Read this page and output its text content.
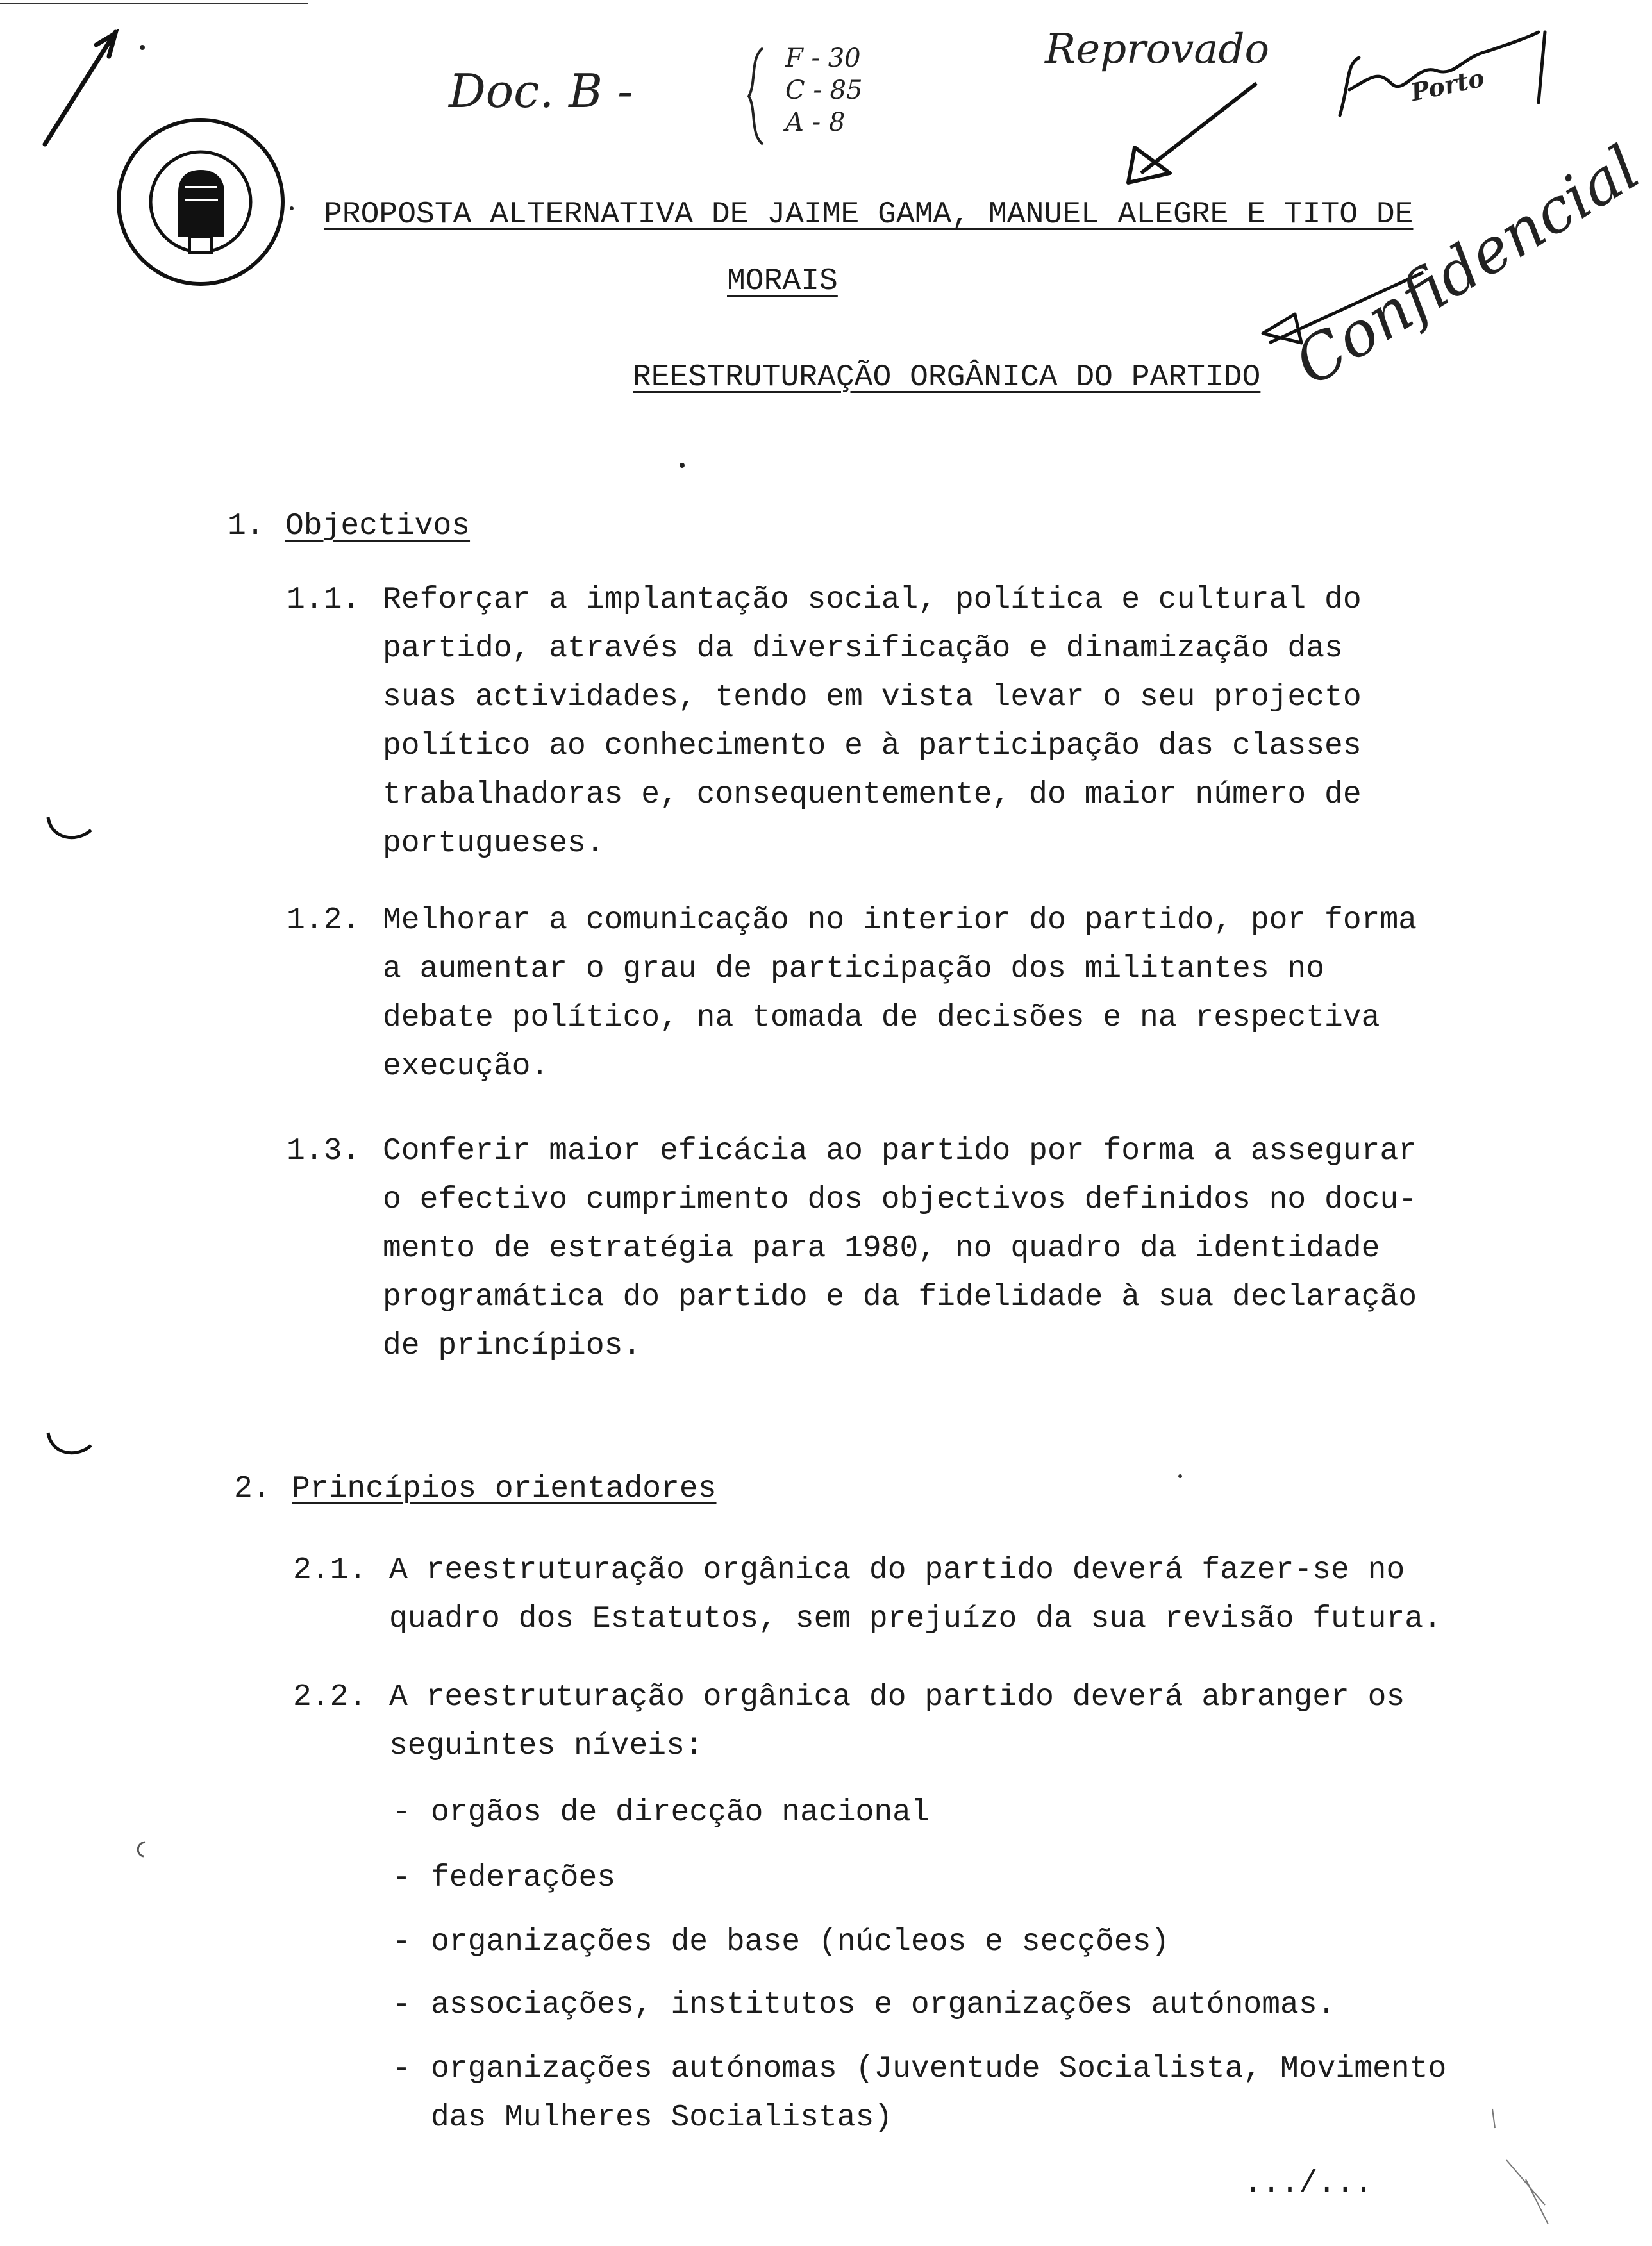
Doc. B -
F - 30
C - 85
A - 8
Reprovado
Porto
PROPOSTA ALTERNATIVA DE JAIME GAMA, MANUEL ALEGRE E TITO DE
MORAIS
REESTRUTURAÇÃO ORGÂNICA DO PARTIDO Confidencial
1. Objectivos
1.1. Reforçar a implantação social, política e cultural do
partido, através da diversificação e dinamização das
suas actividades, tendo em vista levar o seu projecto
político ao conhecimento e à participação das classes
trabalhadoras e, consequentemente, do maior número de
portugueses.
1.2. Melhorar a comunicação no interior do partido, por forma
a aumentar o grau de participação dos militantes no
debate político, na tomada de decisões e na respectiva
execução.
1.3. Conferir maior eficácia ao partido por forma a assegurar
o efectivo cumprimento dos objectivos definidos no docu-
mento de estratégia para 1980, no quadro da identidade
programática do partido e da fidelidade à sua declaração
de princípios.
2. Princípios orientadores
2.1. A reestruturação orgânica do partido deverá fazer-se no
quadro dos Estatutos, sem prejuízo da sua revisão futura.
2.2. A reestruturação orgânica do partido deverá abranger os
seguintes níveis:
- orgãos de direcção nacional
- federações
- organizações de base (núcleos e secções)
- associações, institutos e organizações autónomas.
- organizações autónomas (Juventude Socialista, Movimento
das Mulheres Socialistas)
.../...
